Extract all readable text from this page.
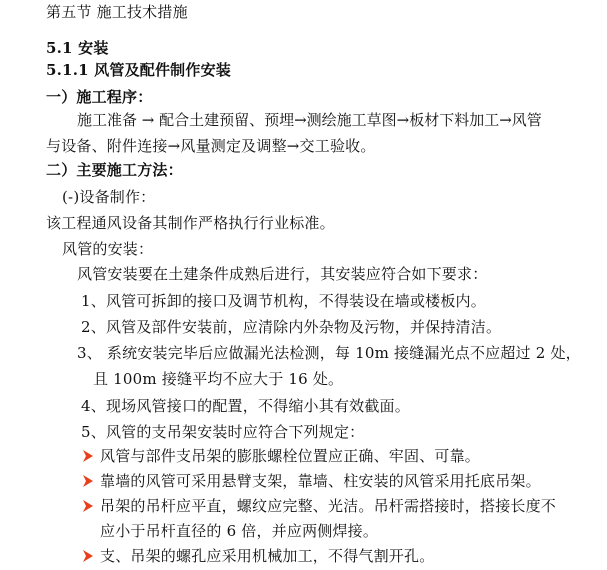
第五节 施工技术措施
5.1 安装
5.1.1 风管及配件制作安装
一）施工程序：
施工准备 → 配合土建预留、预埋→测绘施工草图→板材下料加工→风管
与设备、附件连接→风量测定及调整→交工验收。
二）主要施工方法：
(-)设备制作：
该工程通风设备其制作严格执行行业标准。
风管的安装：
风管安装要在土建条件成熟后进行，其安装应符合如下要求：
1、风管可拆卸的接口及调节机构，不得装设在墙或楼板内。
2、风管及部件安装前，应清除内外杂物及污物，并保持清洁。
3、 系统安装完毕后应做漏光法检测，每 10m 接缝漏光点不应超过 2 处，
且 100m 接缝平均不应大于 16 处。
4、现场风管接口的配置，不得缩小其有效截面。
5、风管的支吊架安装时应符合下列规定：
风管与部件支吊架的膨胀螺栓位置应正确、牢固、可靠。
靠墙的风管可采用悬臂支架，靠墙、柱安装的风管采用托底吊架。
吊架的吊杆应平直，螺纹应完整、光洁。吊杆需搭接时，搭接长度不
应小于吊杆直径的 6 倍，并应两侧焊接。
支、吊架的螺孔应采用机械加工，不得气割开孔。
